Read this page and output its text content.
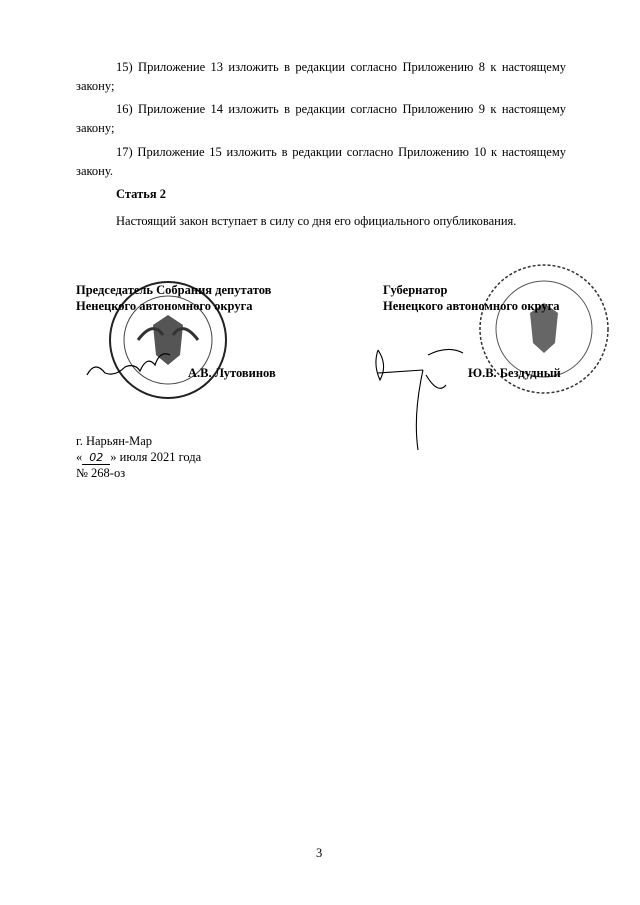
15) Приложение 13 изложить в редакции согласно Приложению 8 к настоящему закону;
16) Приложение 14 изложить в редакции согласно Приложению 9 к настоящему закону;
17) Приложение 15 изложить в редакции согласно Приложению 10 к настоящему закону.
Статья 2
Настоящий закон вступает в силу со дня его официального опубликования.
Председатель Собрания депутатов
Ненецкого автономного округа
А.В. Лутовинов
Губернатор
Ненецкого автономного округа
Ю.В. Бездудный
г. Нарьян-Мар
« 02 » июля 2021 года
№ 268-оз
3
